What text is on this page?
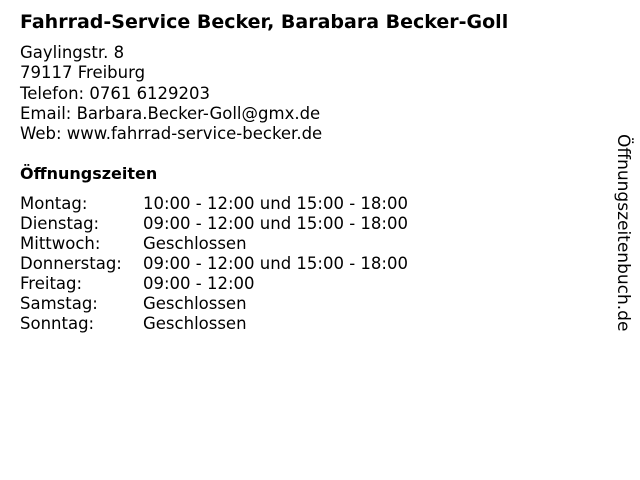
Fahrrad-Service Becker, Barabara Becker-Goll
Gaylingstr. 8
79117 Freiburg
Telefon: 0761 6129203
Email: Barbara.Becker-Goll@gmx.de
Web: www.fahrrad-service-becker.de
Öffnungszeiten
Montag:	10:00 - 12:00 und 15:00 - 18:00
Dienstag:	09:00 - 12:00 und 15:00 - 18:00
Mittwoch:	Geschlossen
Donnerstag: 09:00 - 12:00 und 15:00 - 18:00
Freitag:	09:00 - 12:00
Samstag:	Geschlossen
Sonntag:	Geschlossen	Öffnungszeitenbuch.de
